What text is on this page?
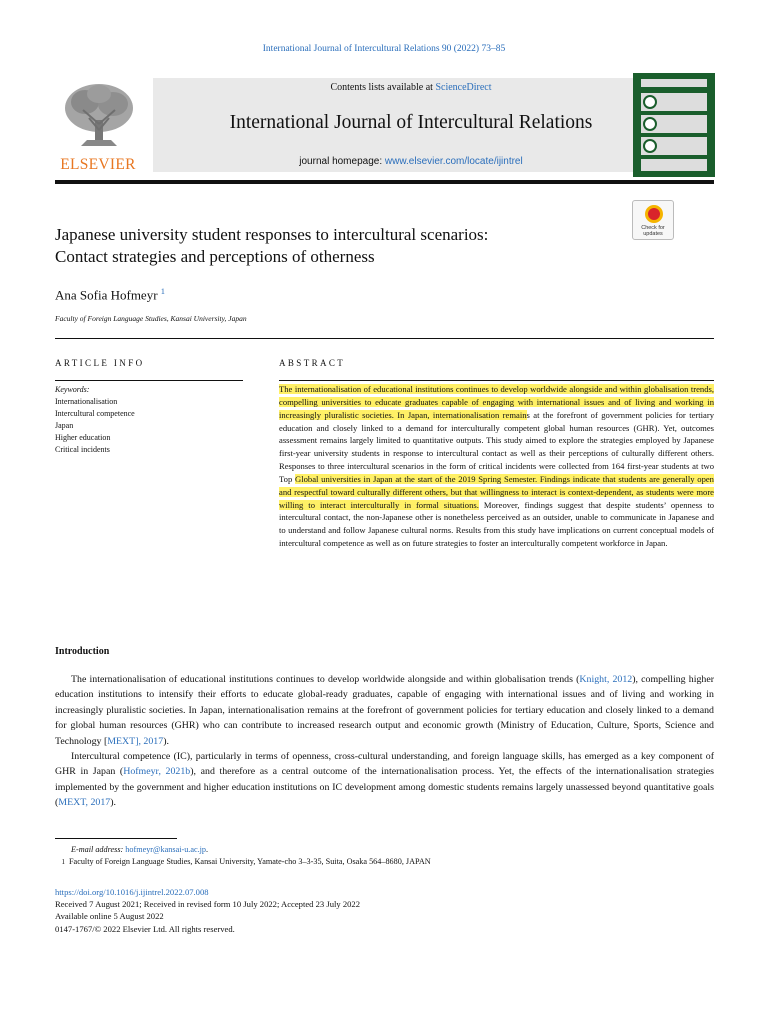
International Journal of Intercultural Relations 90 (2022) 73–85
ELSEVIER
Contents lists available at ScienceDirect
International Journal of Intercultural Relations
journal homepage: www.elsevier.com/locate/ijintrel
Check for updates
Japanese university student responses to intercultural scenarios:
Contact strategies and perceptions of otherness
Ana Sofia Hofmeyr $^1$
Faculty of Foreign Language Studies, Kansai University, Japan
ARTICLE INFO	ABSTRACT
Keywords:
Internationalisation
Intercultural competence
Japan
Higher education
Critical incidents
The internationalisation of educational institutions continues to develop worldwide alongside and within globalisation trends, compelling universities to educate graduates capable of engaging with international issues and of living and working in increasingly pluralistic societies. In Japan, internationalisation remains at the forefront of government policies for tertiary education and closely linked to a demand for interculturally competent global human resources (GHR). Yet, outcomes assessment remains largely limited to quantitative outputs. This study aimed to explore the strategies employed by Japanese first-year university students in response to intercultural contact as well as their perceptions of culturally different others. Responses to three intercultural scenarios in the form of critical incidents were collected from 164 first-year students at two Top Global universities in Japan at the start of the 2019 Spring Semester. Findings indicate that students are generally open and respectful toward culturally different others, but that willingness to interact is context-dependent, as students were more willing to interact interculturally in formal situations. Moreover, findings suggest that despite students’ openness to intercultural contact, the non-Japanese other is nonetheless perceived as an outsider, unable to communicate in Japanese and to understand and follow Japanese cultural norms. Results from this study have implications on current conceptual models of intercultural competence as well as on future strategies to foster an interculturally competent workforce in Japan.
Introduction

The internationalisation of educational institutions continues to develop worldwide alongside and within globalisation trends (Knight, 2012), compelling higher education institutions to intensify their efforts to educate global-ready graduates, capable of engaging with international issues and of living and working in increasingly pluralistic societies. In Japan, internationalisation remains at the forefront of government policies for tertiary education and closely linked to a demand for global human resources (GHR) who can contribute to increased research output and economic growth (Ministry of Education, Culture, Sports, Science and Technology [MEXT], 2017).

Intercultural competence (IC), particularly in terms of openness, cross-cultural understanding, and foreign language skills, has emerged as a key component of GHR in Japan (Hofmeyr, 2021b), and therefore as a central outcome of the internationalisation process. Yet, the effects of the internationalisation strategies implemented by the government and higher education institutions on IC development among domestic students remains largely unassessed beyond quantitative goals (MEXT, 2017).

E-mail address: hofmeyr@kansai-u.ac.jp.
1 Faculty of Foreign Language Studies, Kansai University, Yamate-cho 3–3-35, Suita, Osaka 564–8680, JAPAN
https://doi.org/10.1016/j.ijintrel.2022.07.008
Received 7 August 2021; Received in revised form 10 July 2022; Accepted 23 July 2022
Available online 5 August 2022
0147-1767/© 2022 Elsevier Ltd. All rights reserved.
